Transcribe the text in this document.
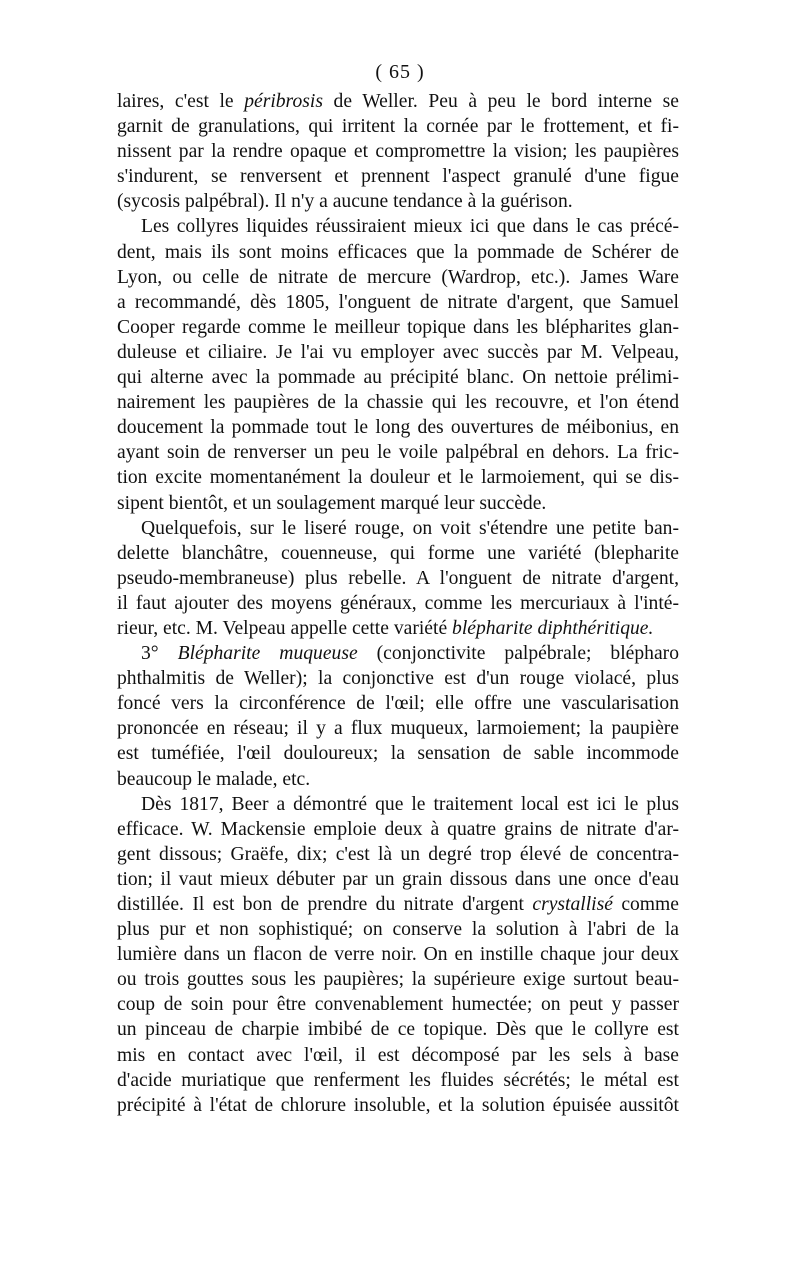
( 65 )
laires, c'est le péribrosis de Weller. Peu à peu le bord interne se
garnit de granulations, qui irritent la cornée par le frottement, et fi-
nissent par la rendre opaque et compromettre la vision; les paupières
s'indurent, se renversent et prennent l'aspect granulé d'une figue
(sycosis palpébral). Il n'y a aucune tendance à la guérison.
Les collyres liquides réussiraient mieux ici que dans le cas précé-
dent, mais ils sont moins efficaces que la pommade de Schérer de
Lyon, ou celle de nitrate de mercure (Wardrop, etc.). James Ware
a recommandé, dès 1805, l'onguent de nitrate d'argent, que Samuel
Cooper regarde comme le meilleur topique dans les blépharites glan-
duleuse et ciliaire. Je l'ai vu employer avec succès par M. Velpeau,
qui alterne avec la pommade au précipité blanc. On nettoie prélimi-
nairement les paupières de la chassie qui les recouvre, et l'on étend
doucement la pommade tout le long des ouvertures de méibonius, en
ayant soin de renverser un peu le voile palpébral en dehors. La fric-
tion excite momentanément la douleur et le larmoiement, qui se dis-
sipent bientôt, et un soulagement marqué leur succède.
Quelquefois, sur le liseré rouge, on voit s'étendre une petite ban-
delette blanchâtre, couenneuse, qui forme une variété (blepharite
pseudo-membraneuse) plus rebelle. A l'onguent de nitrate d'argent,
il faut ajouter des moyens généraux, comme les mercuriaux à l'inté-
rieur, etc. M. Velpeau appelle cette variété blépharite diphthéritique.
3° Blépharite muqueuse (conjonctivite palpébrale; blépharo
phthalmitis de Weller); la conjonctive est d'un rouge violacé, plus
foncé vers la circonférence de l'œil; elle offre une vascularisation
prononcée en réseau; il y a flux muqueux, larmoiement; la paupière
est tuméfiée, l'œil douloureux; la sensation de sable incommode
beaucoup le malade, etc.
Dès 1817, Beer a démontré que le traitement local est ici le plus
efficace. W. Mackensie emploie deux à quatre grains de nitrate d'ar-
gent dissous; Graëfe, dix; c'est là un degré trop élevé de concentra-
tion; il vaut mieux débuter par un grain dissous dans une once d'eau
distillée. Il est bon de prendre du nitrate d'argent crystallisé comme
plus pur et non sophistiqué; on conserve la solution à l'abri de la
lumière dans un flacon de verre noir. On en instille chaque jour deux
ou trois gouttes sous les paupières; la supérieure exige surtout beau-
coup de soin pour être convenablement humectée; on peut y passer
un pinceau de charpie imbibé de ce topique. Dès que le collyre est
mis en contact avec l'œil, il est décomposé par les sels à base
d'acide muriatique que renferment les fluides sécrétés; le métal est
précipité à l'état de chlorure insoluble, et la solution épuisée aussitôt
